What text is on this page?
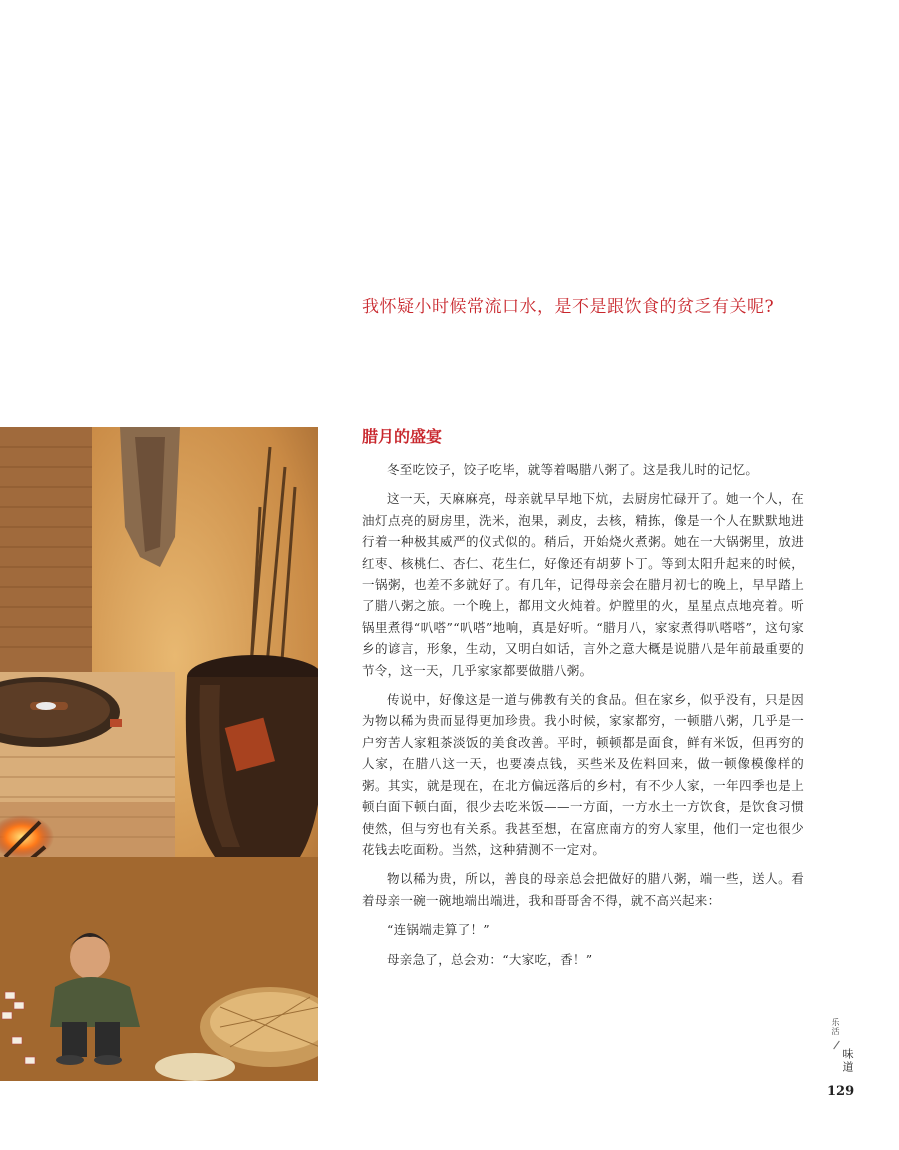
我怀疑小时候常流口水，是不是跟饮食的贫乏有关呢?
腊月的盛宴

冬至吃饺子，饺子吃毕，就等着喝腊八粥了。这是我儿时的记忆。

这一天，天麻麻亮，母亲就早早地下炕，去厨房忙碌开了。她一个人，在油灯点亮的厨房里，洗米，泡果，剥皮，去核，精拣，像是一个人在默默地进行着一种极其威严的仪式似的。稍后，开始烧火煮粥。她在一大锅粥里，放进红枣、核桃仁、杏仁、花生仁，好像还有胡萝卜丁。等到太阳升起来的时候，一锅粥，也差不多就好了。有几年，记得母亲会在腊月初七的晚上，早早踏上了腊八粥之旅。一个晚上，都用文火炖着。炉膛里的火，星星点点地亮着。听锅里煮得“叭嗒”“叭嗒”地响，真是好听。“腊月八，家家煮得叭嗒嗒”，这句家乡的谚言，形象，生动，又明白如话，言外之意大概是说腊八是年前最重要的节令，这一天，几乎家家都要做腊八粥。

传说中，好像这是一道与佛教有关的食品。但在家乡，似乎没有，只是因为物以稀为贵而显得更加珍贵。我小时候，家家都穷，一顿腊八粥，几乎是一户穷苦人家粗茶淡饭的美食改善。平时，顿顿都是面食，鲜有米饭，但再穷的人家，在腊八这一天，也要凑点钱，买些米及佐料回来，做一顿像模像样的粥。其实，就是现在，在北方偏远落后的乡村，有不少人家，一年四季也是上顿白面下顿白面，很少去吃米饭——一方面，一方水土一方饮食，是饮食习惯使然，但与穷也有关系。我甚至想，在富庶南方的穷人家里，他们一定也很少花钱去吃面粉。当然，这种猜测不一定对。

物以稀为贵，所以，善良的母亲总会把做好的腊八粥，端一些，送人。看着母亲一碗一碗地端出端进，我和哥哥舍不得，就不高兴起来：

“连锅端走算了！”

母亲急了，总会劝：“大家吃，香！”

乐活
味道
129
